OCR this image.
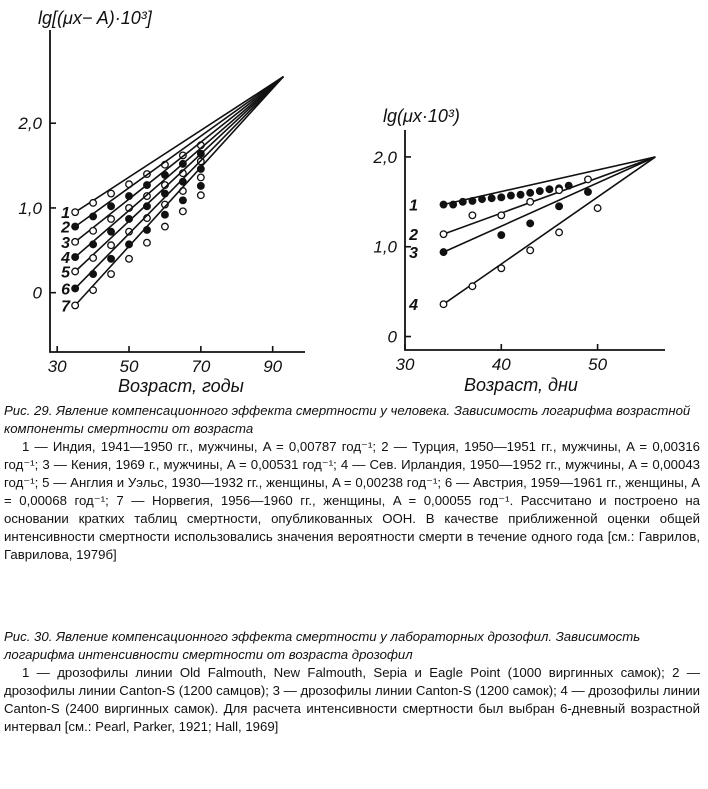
lg[(μx− A)·10³]
Возраст, годы
30	50	70	90
0
1,0
2,0
1
2
3
4
5
6
7
lg(μx·10³)
Возраст, дни
30	40	50
0
1,0
2,0
1
2
3
4
Рис. 29. Явление компенсационного эффекта смертности у человека. Зависимость логарифма возрастной компоненты смертности от возраста

1 — Индия, 1941—1950 гг., мужчины, A = 0,00787 год⁻¹; 2 — Турция, 1950—1951 гг., мужчины, A = 0,00316 год⁻¹; 3 — Кения, 1969 г., мужчины, A = 0,00531 год⁻¹; 4 — Сев. Ирландия, 1950—1952 гг., мужчины, A = 0,00043 год⁻¹; 5 — Англия и Уэльс, 1930—1932 гг., женщины, A = 0,00238 год⁻¹; 6 — Австрия, 1959—1961 гг., женщины, A = 0,00068 год⁻¹; 7 — Норвегия, 1956—1960 гг., женщины, A = 0,00055 год⁻¹. Рассчитано и построено на основании кратких таблиц смертности, опубликованных ООН. В качестве приближенной оценки общей интенсивности смертности использовались значения вероятности смерти в течение одного года [см.: Гаврилов, Гаврилова, 1979б]

Рис. 30. Явление компенсационного эффекта смертности у лабораторных дрозофил. Зависимость логарифма интенсивности смертности от возраста дрозофил

1 — дрозофилы линии Old Falmouth, New Falmouth, Sepia и Eagle Point (1000 виргинных самок); 2 — дрозофилы линии Canton-S (1200 самцов); 3 — дрозофилы линии Canton-S (1200 самок); 4 — дрозофилы линии Canton-S (2400 виргинных самок). Для расчета интенсивности смертности был выбран 6-дневный возрастной интервал [см.: Pearl, Parker, 1921; Hall, 1969]
